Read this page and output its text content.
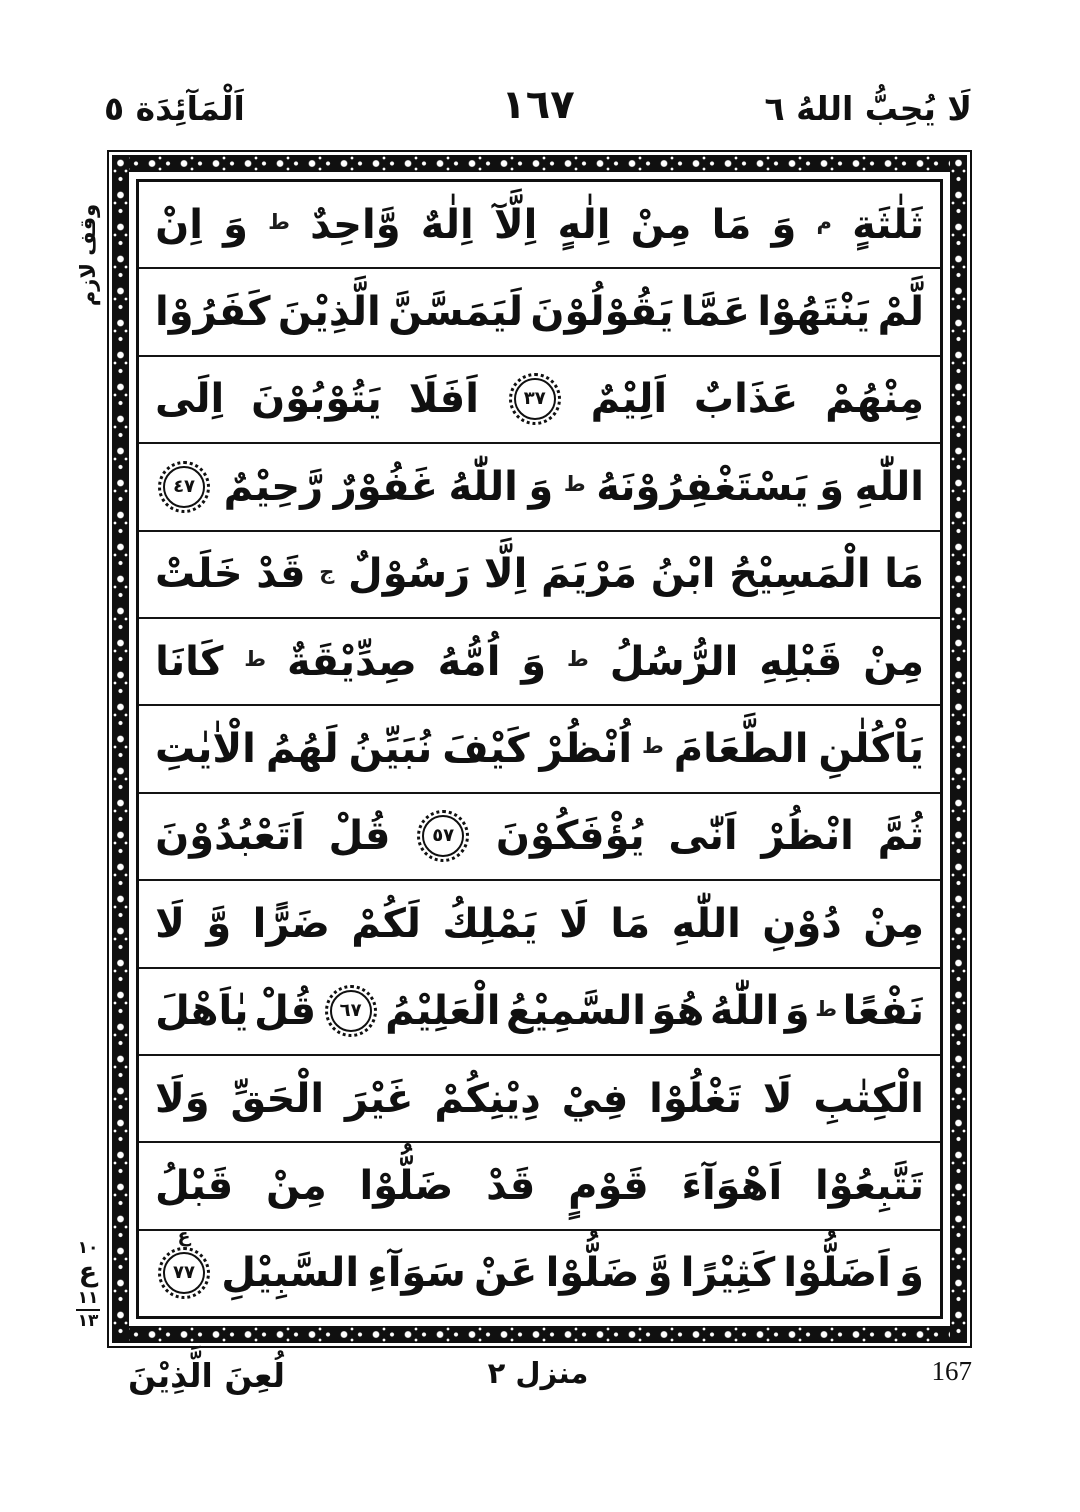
اَلْمَآئِدَة ٥	١٦٧	لَا يُحِبُّ اللهُ ٦
وقف لازم
١٠
ع
١١
١٣
ثَلٰثَةٍ
م
وَ
مَا
مِنْ
اِلٰهٍ
اِلَّآ
اِلٰهٌ
وَّاحِدٌ
ط
وَ
اِنْ
لَّمْ
يَنْتَهُوْا
عَمَّا
يَقُوْلُوْنَ
لَيَمَسَّنَّ
الَّذِيْنَ
كَفَرُوْا
مِنْهُمْ
عَذَابٌ
اَلِيْمٌ
٣٧
اَفَلَا
يَتُوْبُوْنَ
اِلَى
اللّٰهِ
وَ
يَسْتَغْفِرُوْنَهُ
ط
وَ
اللّٰهُ
غَفُوْرٌ
رَّحِيْمٌ
٤٧
مَا
الْمَسِيْحُ
ابْنُ
مَرْيَمَ
اِلَّا
رَسُوْلٌ
ج
قَدْ
خَلَتْ
مِنْ
قَبْلِهِ
الرُّسُلُ
ط
وَ
اُمُّهُ
صِدِّيْقَةٌ
ط
كَانَا
يَاْكُلٰنِ
الطَّعَامَ
ط
اُنْظُرْ
كَيْفَ
نُبَيِّنُ
لَهُمُ
الْاٰيٰتِ
ثُمَّ
انْظُرْ
اَنّٰى
يُؤْفَكُوْنَ
٥٧
قُلْ
اَتَعْبُدُوْنَ
مِنْ
دُوْنِ
اللّٰهِ
مَا
لَا
يَمْلِكُ
لَكُمْ
ضَرًّا
وَّ
لَا
نَفْعًا
ط
وَ
اللّٰهُ
هُوَ
السَّمِيْعُ
الْعَلِيْمُ
٦٧
قُلْ
يٰاَهْلَ
الْكِتٰبِ
لَا
تَغْلُوْا
فِيْ
دِيْنِكُمْ
غَيْرَ
الْحَقِّ
وَلَا
تَتَّبِعُوْا
اَهْوَآءَ
قَوْمٍ
قَدْ
ضَلُّوْا
مِنْ
قَبْلُ
وَ
اَضَلُّوْا
كَثِيْرًا
وَّ
ضَلُّوْا
عَنْ
سَوَآءِ
السَّبِيْلِ
٧٧
ع
لُعِنَ الَّذِيْنَ	منزل ٢	167
